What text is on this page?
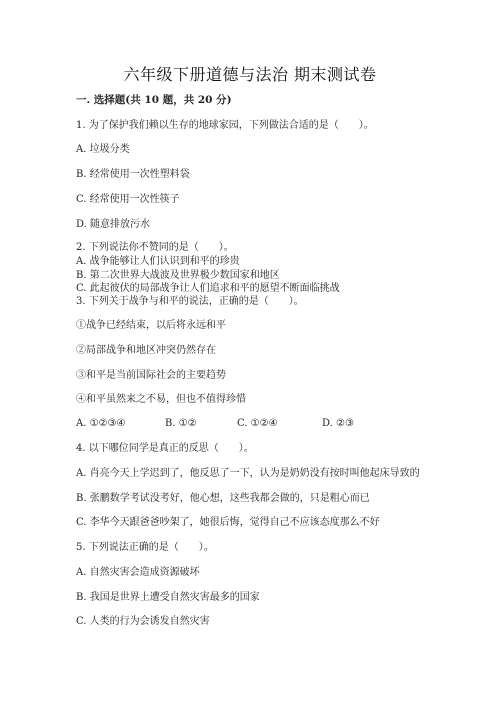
六年级下册道德与法治 期末测试卷
一. 选择题(共 10 题，共 20 分)
1. 为了保护我们赖以生存的地球家园，下列做法合适的是（　　）。
A. 垃圾分类
B. 经常使用一次性塑料袋
C. 经常使用一次性筷子
D. 随意排放污水
2. 下列说法你不赞同的是（　　）。
A. 战争能够让人们认识到和平的珍贵
B. 第二次世界大战波及世界极少数国家和地区
C. 此起彼伏的局部战争让人们追求和平的愿望不断面临挑战
3. 下列关于战争与和平的说法，正确的是（　　）。
①战争已经结束，以后将永远和平
②局部战争和地区冲突仍然存在
③和平是当前国际社会的主要趋势
④和平虽然来之不易，但也不值得珍惜
A. ①②③④	B. ①②	C. ①②④	D. ②③
4. 以下哪位同学是真正的反思（　　）。
A. 肖亮今天上学迟到了，他反思了一下，认为是奶奶没有按时叫他起床导致的
B. 张鹏数学考试没考好，他心想，这些我都会做的，只是粗心而已
C. 李华今天跟爸爸吵架了，她很后悔，觉得自己不应该态度那么不好
5. 下列说法正确的是（　　）。
A. 自然灾害会造成资源破坏
B. 我国是世界上遭受自然灾害最多的国家
C. 人类的行为会诱发自然灾害
